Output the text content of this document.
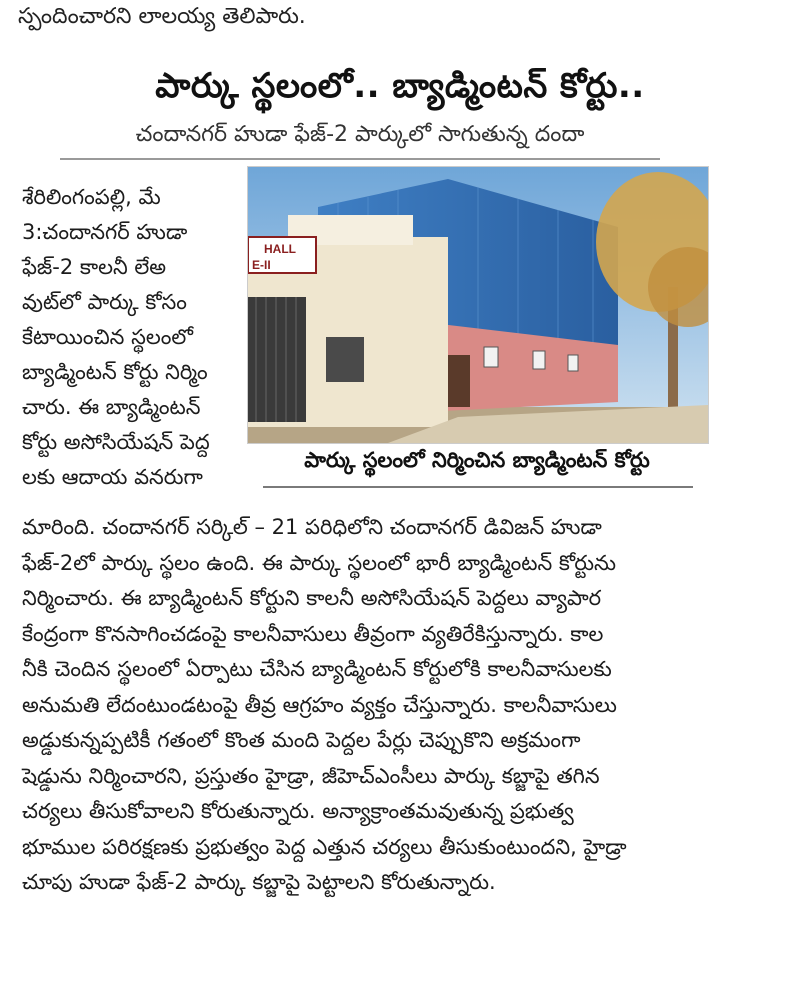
స్పందించారని లాలయ్య తెలిపారు.
పార్కు స్థలంలో.. బ్యాడ్మింటన్ కోర్టు..
చందానగర్ హుడా ఫేజ్-2 పార్కులో సాగుతున్న దందా

శేరిలింగంపల్లి, మే

3:చందానగర్ హుడా

ఫేజ్-2 కాలనీ లేఅ

వుట్‌లో పార్కు కోసం

కేటాయించిన స్థలంలో

బ్యాడ్మింటన్ కోర్టు నిర్మిం

చారు. ఈ బ్యాడ్మింటన్

కోర్టు అసోసియేషన్ పెద్ద

లకు ఆదాయ వనరుగా

HALL
E-II
పార్కు స్థలంలో నిర్మించిన బ్యాడ్మింటన్ కోర్టు
మారింది. చందానగర్ సర్కిల్ – 21 పరిధిలోని చందానగర్ డివిజన్ హుడా
ఫేజ్-2లో పార్కు స్థలం ఉంది. ఈ పార్కు స్థలంలో భారీ బ్యాడ్మింటన్ కోర్టును
నిర్మించారు. ఈ బ్యాడ్మింటన్ కోర్టుని కాలనీ అసోసియేషన్ పెద్దలు వ్యాపార
కేంద్రంగా కొనసాగించడంపై కాలనీవాసులు తీవ్రంగా వ్యతిరేకిస్తున్నారు. కాల
నీకి చెందిన స్థలంలో ఏర్పాటు చేసిన బ్యాడ్మింటన్ కోర్టులోకి కాలనీవాసులకు
అనుమతి లేదంటుండటంపై తీవ్ర ఆగ్రహం వ్యక్తం చేస్తున్నారు. కాలనీవాసులు
అడ్డుకున్నప్పటికీ గతంలో కొంత మంది పెద్దల పేర్లు చెప్పుకొని అక్రమంగా
షెడ్డును నిర్మించారని, ప్రస్తుతం హైడ్రా, జీహెచ్‌ఎంసీలు పార్కు కబ్జాపై తగిన
చర్యలు తీసుకోవాలని కోరుతున్నారు. అన్యాక్రాంతమవుతున్న ప్రభుత్వ
భూముల పరిరక్షణకు ప్రభుత్వం పెద్ద ఎత్తున చర్యలు తీసుకుంటుందని, హైడ్రా
చూపు హుడా ఫేజ్-2 పార్కు కబ్జాపై పెట్టాలని కోరుతున్నారు.
